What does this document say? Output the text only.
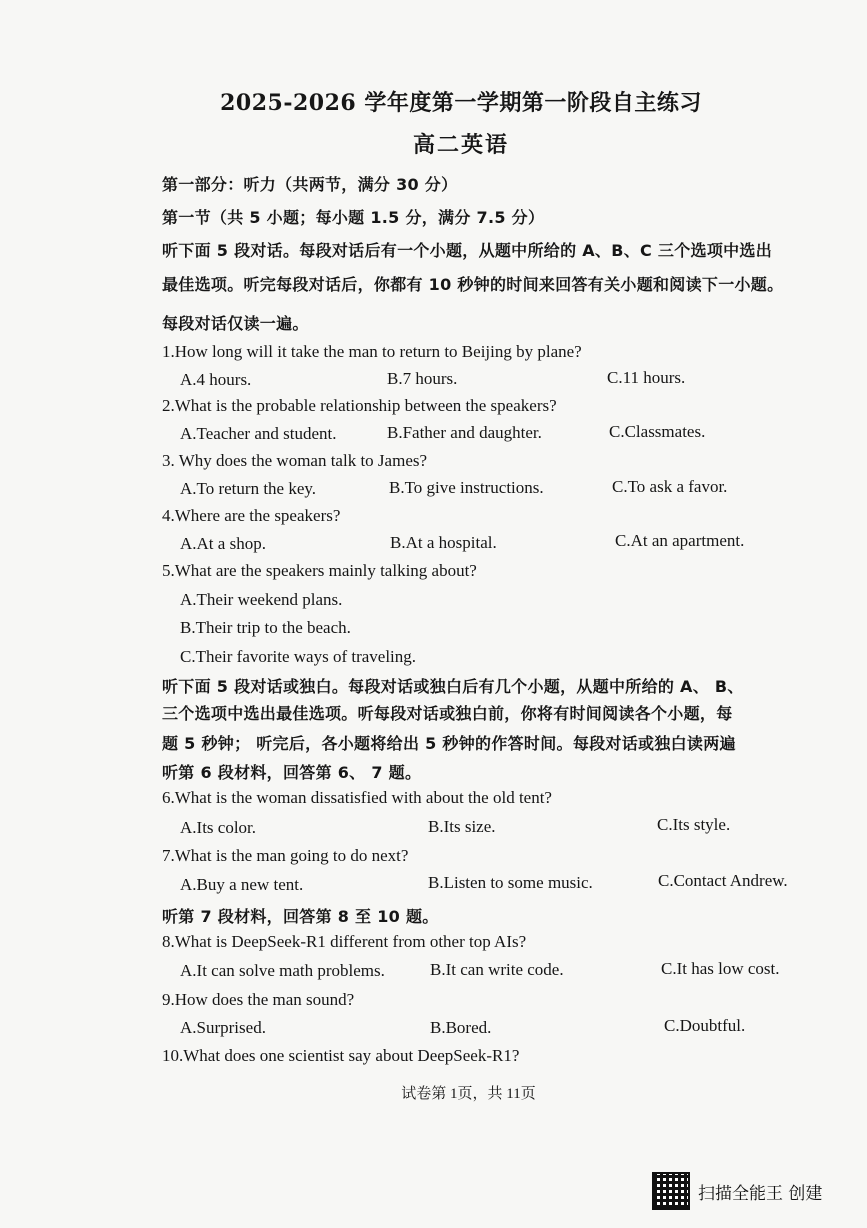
2025-2026 学年度第一学期第一阶段自主练习
高二英语
第一部分：听力（共两节，满分 30 分）
第一节（共 5 小题；每小题 1.5 分，满分 7.5 分）
听下面 5 段对话。每段对话后有一个小题，从题中所给的 A、B、C 三个选项中选出
最佳选项。听完每段对话后，你都有 10 秒钟的时间来回答有关小题和阅读下一小题。
每段对话仅读一遍。
1.How long will it take the man to return to Beijing by plane?
A.4 hours.	B.7 hours.	C.11 hours.
2.What is the probable relationship between the speakers?
A.Teacher and student.	B.Father and daughter.	C.Classmates.
3. Why does the woman talk to James?
A.To return the key.	B.To give instructions.	C.To ask a favor.
4.Where are the speakers?
A.At a shop.	B.At a hospital.	C.At an apartment.
5.What are the speakers mainly talking about?
A.Their weekend plans.
B.Their trip to the beach.
C.Their favorite ways of traveling.
听下面 5 段对话或独白。每段对话或独白后有几个小题，从题中所给的 A、 B、
三个选项中选出最佳选项。听每段对话或独白前，你将有时间阅读各个小题，每
题 5 秒钟； 听完后，各小题将给出 5 秒钟的作答时间。每段对话或独白读两遍
听第 6 段材料，回答第 6、 7 题。
6.What is the woman dissatisfied with about the old tent?
A.Its color.	B.Its size.	C.Its style.
7.What is the man going to do next?
A.Buy a new tent.	B.Listen to some music.	C.Contact Andrew.
听第 7 段材料，回答第 8 至 10 题。
8.What is DeepSeek-R1 different from other top AIs?
A.It can solve math problems.	B.It can write code.	C.It has low cost.
9.How does the man sound?
A.Surprised.	B.Bored.	C.Doubtful.
10.What does one scientist say about DeepSeek-R1?
试卷第 1页，共 11页
扫描全能王 创建
